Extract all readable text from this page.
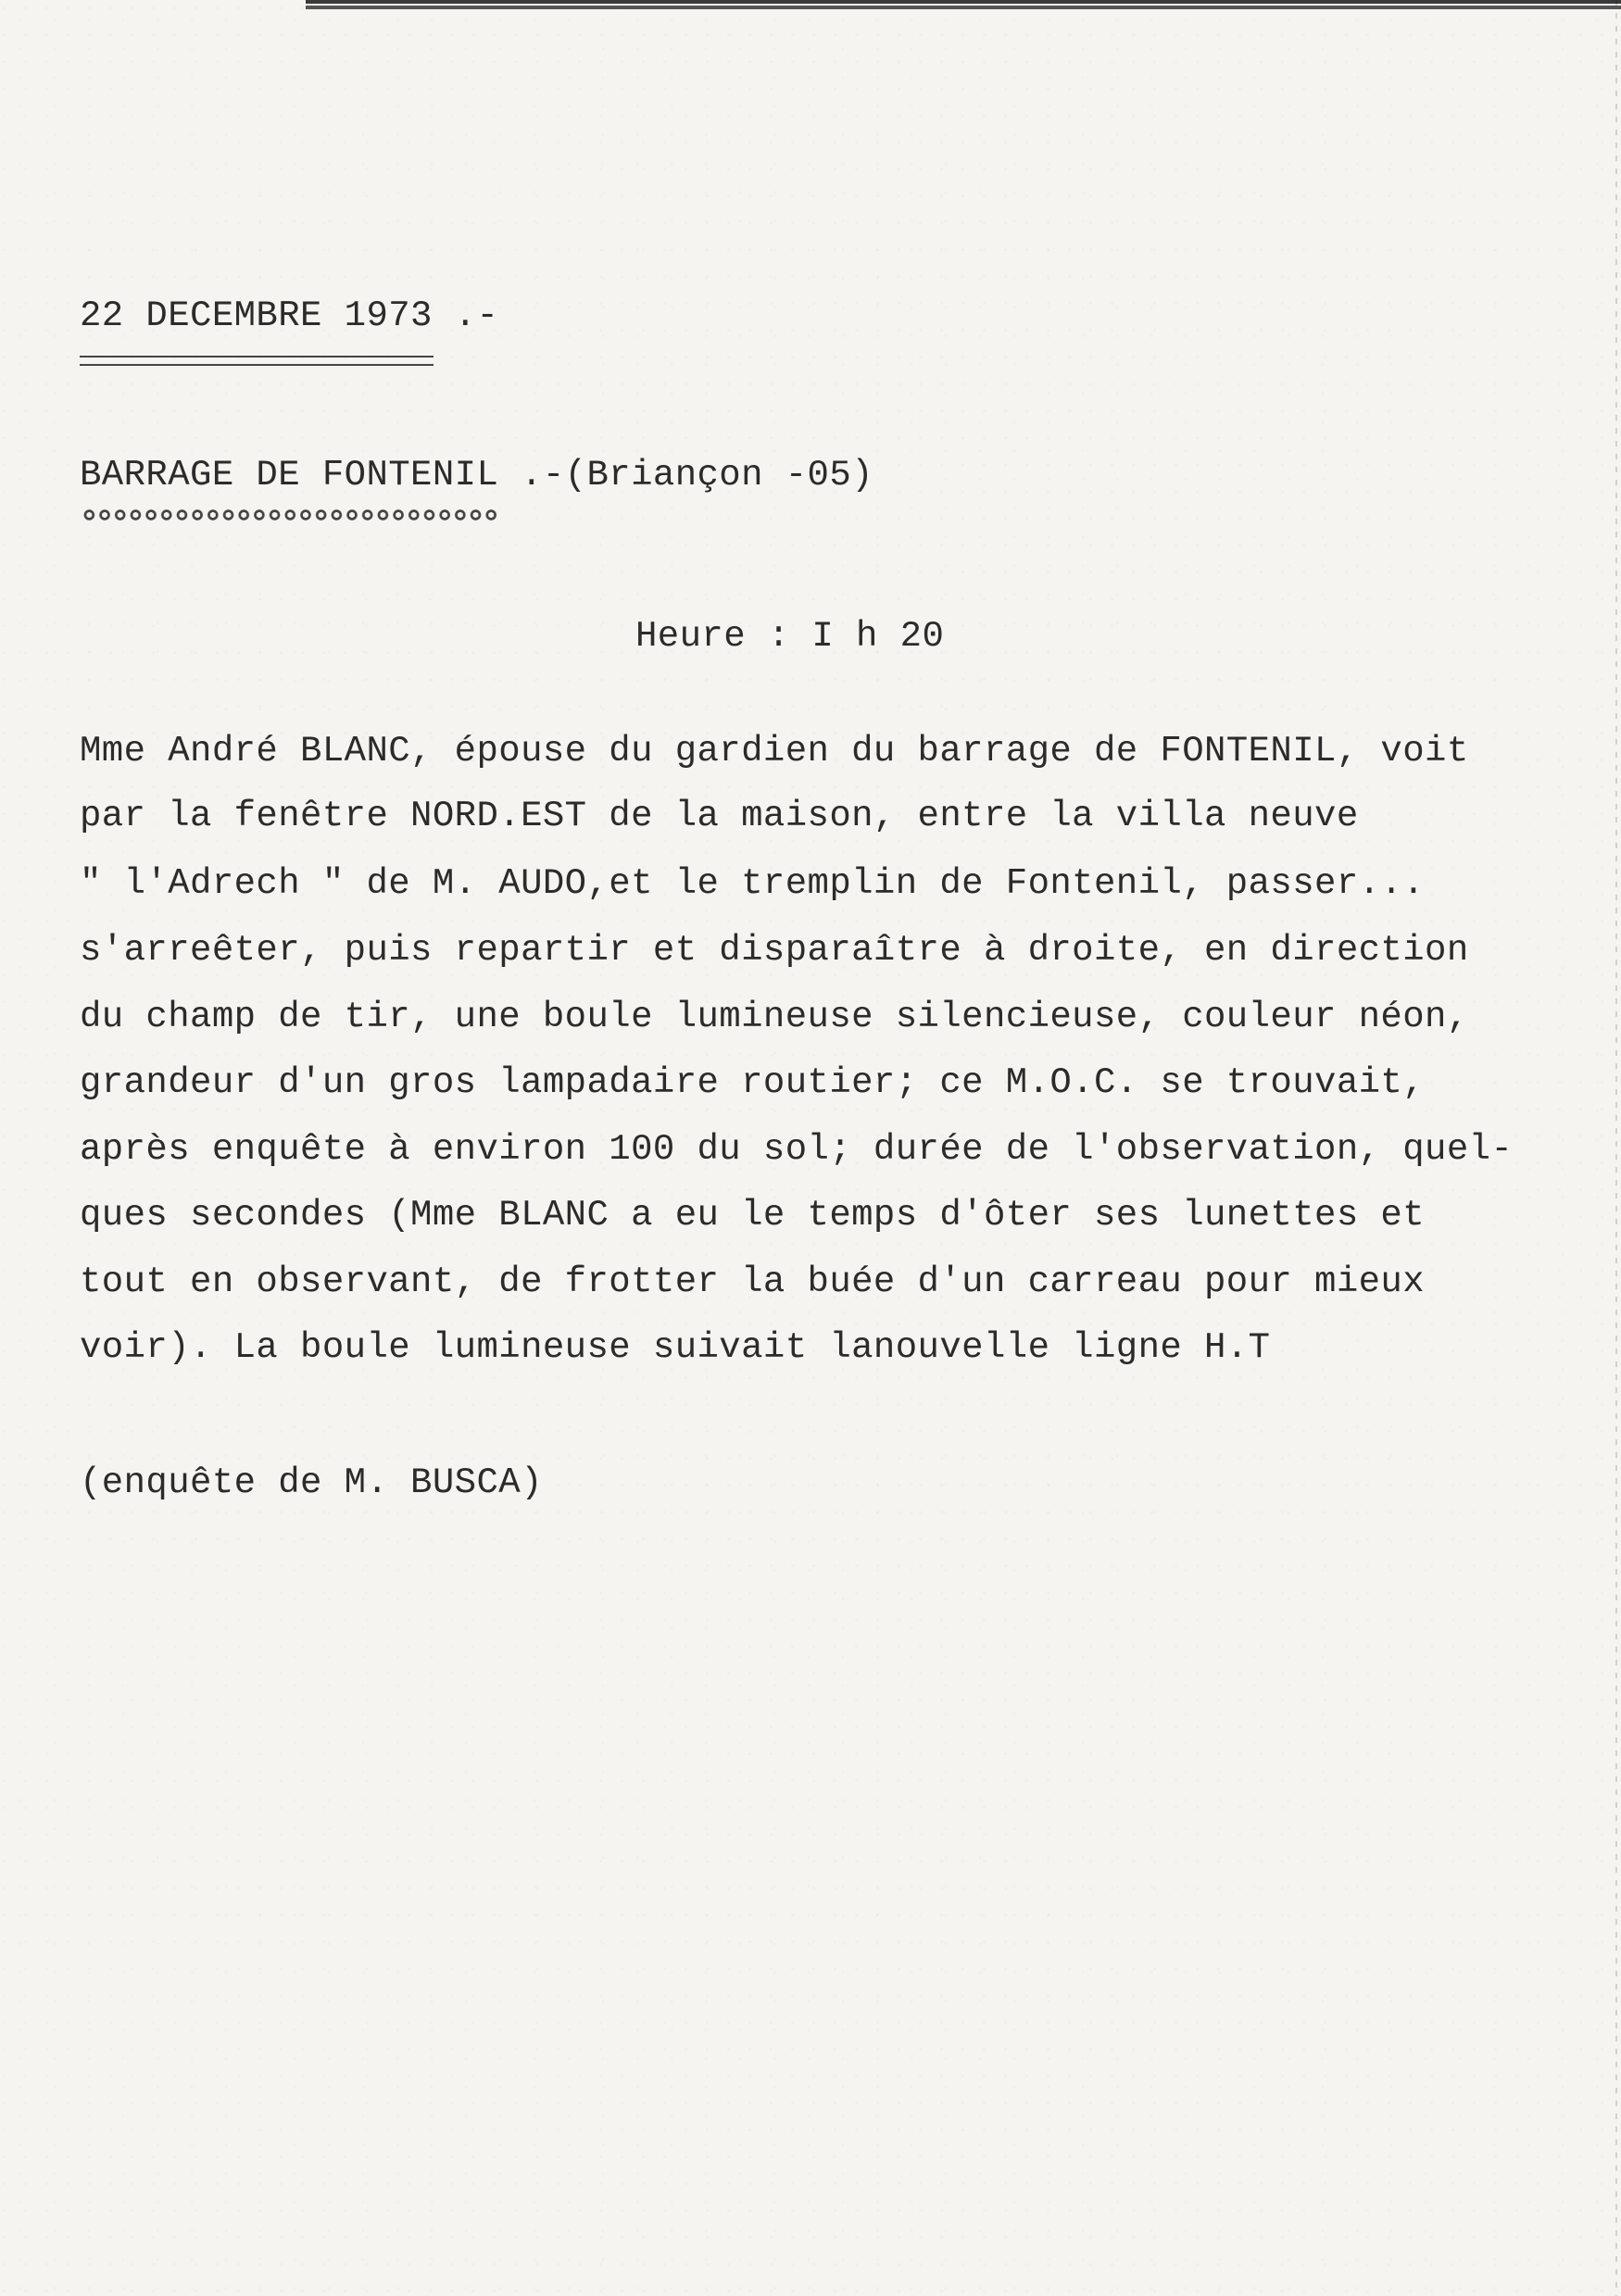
22 DECEMBRE 1973 .-
BARRAGE DE FONTENIL .-(Briançon -05)
Heure : I h 20
Mme André BLANC, épouse du gardien du barrage de FONTENIL, voit
par la fenêtre NORD.EST de la maison, entre la villa neuve
" l'Adrech " de M. AUDO,et le tremplin de Fontenil, passer...
s'arreêter, puis repartir et disparaître à droite, en direction
du champ de tir, une boule lumineuse silencieuse, couleur néon,
grandeur d'un gros lampadaire routier; ce M.O.C. se trouvait,
après enquête à environ 100 du sol; durée de l'observation, quel-
ques secondes (Mme BLANC a eu le temps d'ôter ses lunettes et
tout en observant, de frotter la buée d'un carreau pour mieux
voir). La boule lumineuse suivait lanouvelle ligne H.T
(enquête de M. BUSCA)
